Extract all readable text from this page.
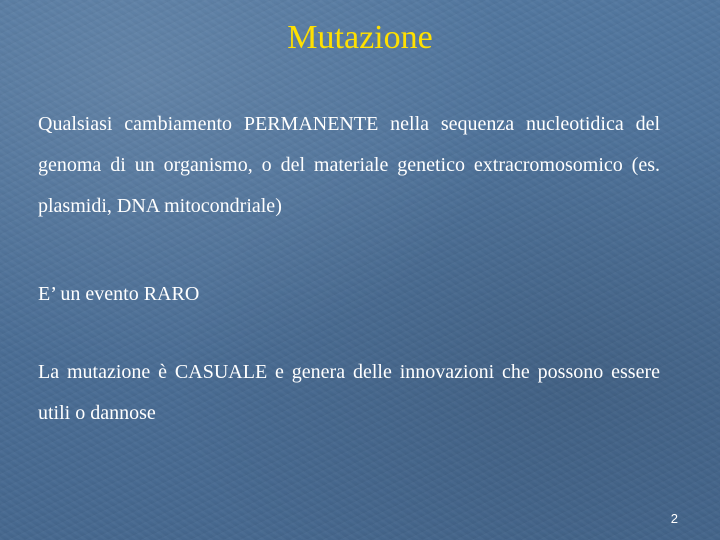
Mutazione
Qualsiasi cambiamento PERMANENTE nella sequenza nucleotidica del genoma di un organismo, o del materiale genetico extracromosomico (es. plasmidi, DNA mitocondriale)
E’ un evento RARO
La mutazione è CASUALE e genera delle innovazioni che possono essere utili o dannose
2
